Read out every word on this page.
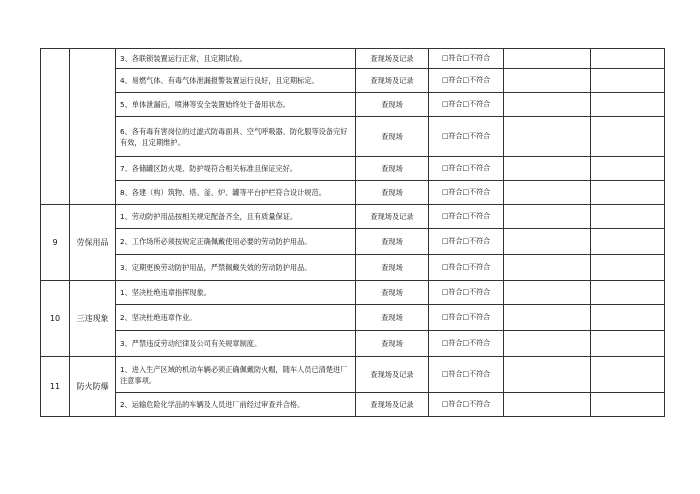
		3、各联锁装置运行正常，且定期试验。	查现场及记录	□符合□不符合		
		4、易燃气体、有毒气体泄漏报警装置运行良好，且定期标定。	查现场及记录	□符合□不符合		
		5、单体泄漏后，喷淋等安全装置始终处于备用状态。	查现场	□符合□不符合		
		6、各有毒有害岗位的过滤式防毒面具、空气呼吸器、防化服等设备完好有效，且定期维护。	查现场	□符合□不符合		
		7、各储罐区防火堤、防护堤符合相关标准且保证完好。	查现场	□符合□不符合		
		8、各建（构）筑物、塔、釜、炉、罐等平台护栏符合设计规范。	查现场	□符合□不符合		
9	劳保用品	1、劳动防护用品按相关规定配备齐全，且有质量保证。	查现场及记录	□符合□不符合		
		2、工作场所必须按规定正确佩戴使用必要的劳动防护用品。	查现场	□符合□不符合		
		3、定期更换劳动防护用品，严禁佩戴失效的劳动防护用品。	查现场	□符合□不符合		
10	三违现象	1、坚决杜绝违章指挥现象。	查现场	□符合□不符合		
		2、坚决杜绝违章作业。	查现场	□符合□不符合		
		3、严禁违反劳动纪律及公司有关规章制度。	查现场	□符合□不符合		
11	防火防爆	1、进入生产区域的机动车辆必须正确佩戴防火帽，随车人员已清楚进厂注意事项。	查现场及记录	□符合□不符合		
		2、运输危险化学品的车辆及人员进厂前经过审查并合格。	查现场及记录	□符合□不符合		
